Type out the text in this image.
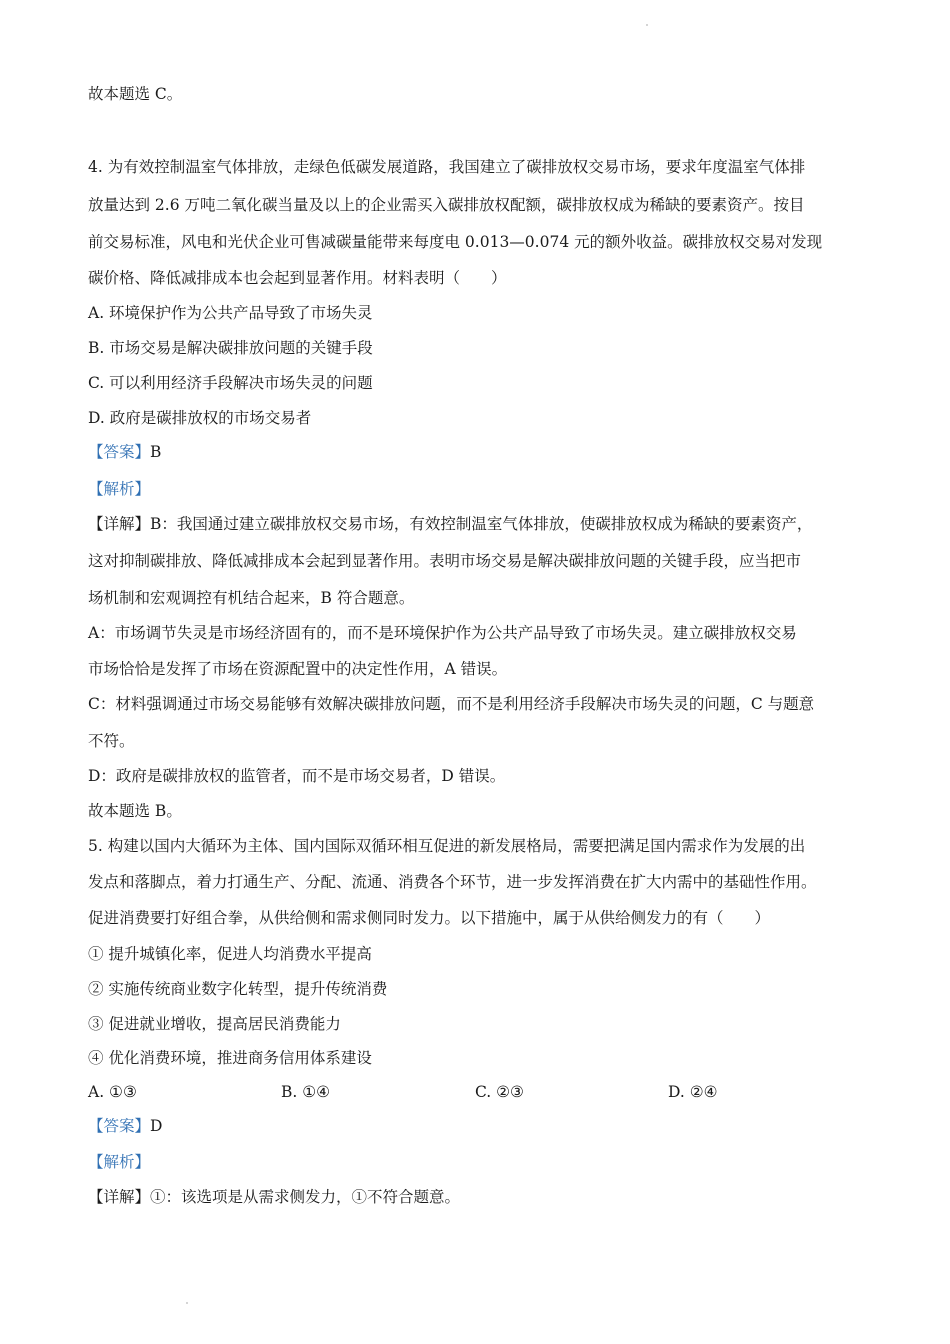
故本题选 C。
4. 为有效控制温室气体排放，走绿色低碳发展道路，我国建立了碳排放权交易市场，要求年度温室气体排
放量达到 2.6 万吨二氧化碳当量及以上的企业需买入碳排放权配额，碳排放权成为稀缺的要素资产。按目
前交易标准，风电和光伏企业可售减碳量能带来每度电 0.013—0.074 元的额外收益。碳排放权交易对发现
碳价格、降低减排成本也会起到显著作用。材料表明（　　）
A. 环境保护作为公共产品导致了市场失灵
B. 市场交易是解决碳排放问题的关键手段
C. 可以利用经济手段解决市场失灵的问题
D. 政府是碳排放权的市场交易者
【答案】B
【解析】
【详解】B：我国通过建立碳排放权交易市场，有效控制温室气体排放，使碳排放权成为稀缺的要素资产，
这对抑制碳排放、降低减排成本会起到显著作用。表明市场交易是解决碳排放问题的关键手段，应当把市
场机制和宏观调控有机结合起来，B 符合题意。
A：市场调节失灵是市场经济固有的，而不是环境保护作为公共产品导致了市场失灵。建立碳排放权交易
市场恰恰是发挥了市场在资源配置中的决定性作用，A 错误。
C：材料强调通过市场交易能够有效解决碳排放问题，而不是利用经济手段解决市场失灵的问题，C 与题意
不符。
D：政府是碳排放权的监管者，而不是市场交易者，D 错误。
故本题选 B。
5. 构建以国内大循环为主体、国内国际双循环相互促进的新发展格局，需要把满足国内需求作为发展的出
发点和落脚点，着力打通生产、分配、流通、消费各个环节，进一步发挥消费在扩大内需中的基础性作用。
促进消费要打好组合拳，从供给侧和需求侧同时发力。以下措施中，属于从供给侧发力的有（　　）
① 提升城镇化率，促进人均消费水平提高
② 实施传统商业数字化转型，提升传统消费
③ 促进就业增收，提高居民消费能力
④ 优化消费环境，推进商务信用体系建设
A. ①③	B. ①④	C. ②③	D. ②④
【答案】D
【解析】
【详解】①：该选项是从需求侧发力，①不符合题意。
